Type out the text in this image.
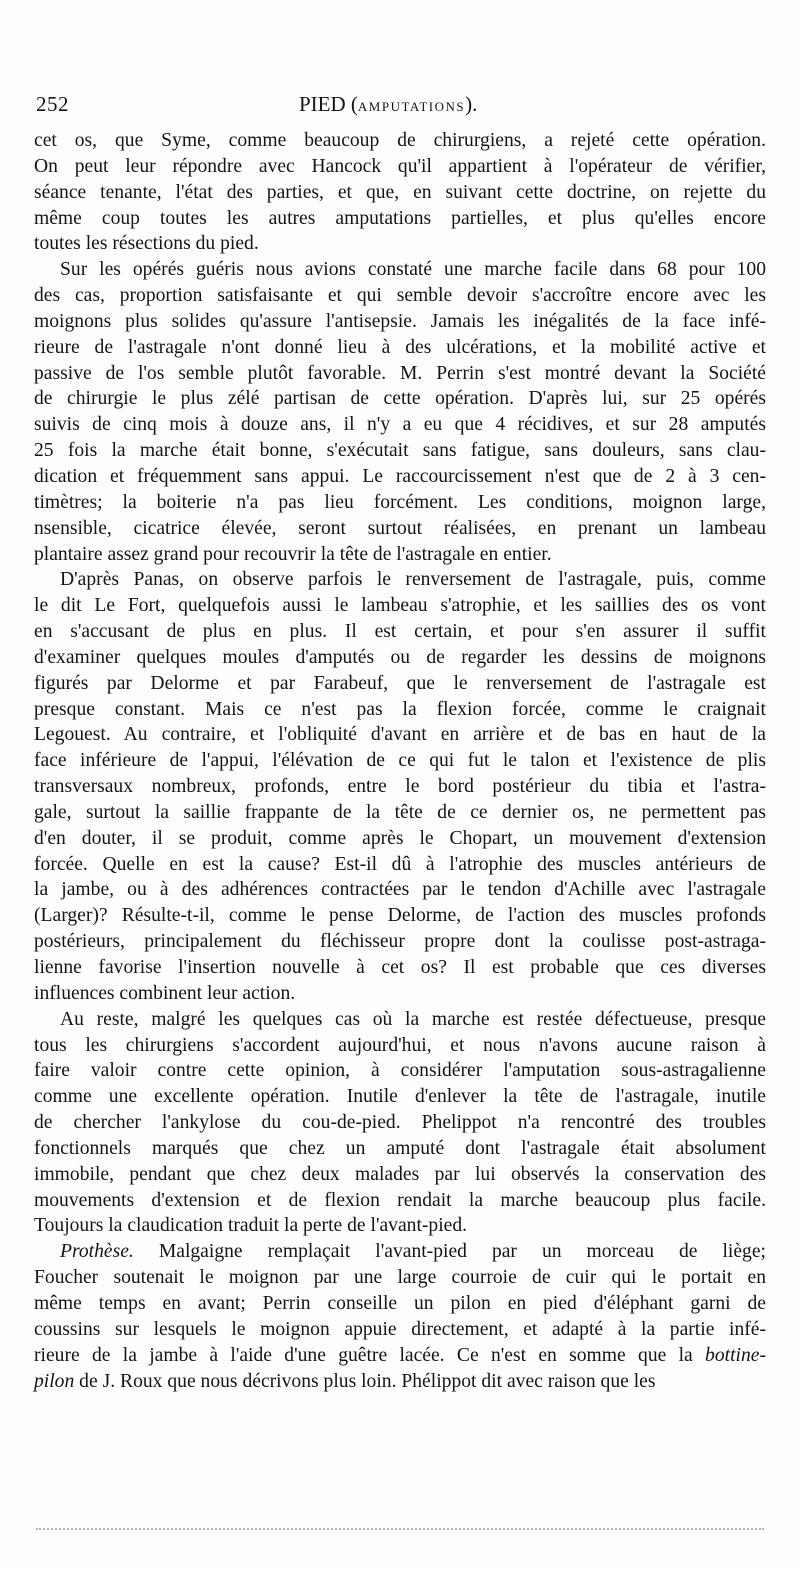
252	PIED (AMPUTATIONS).
cet os, que Syme, comme beaucoup de chirurgiens, a rejeté cette opération.
On peut leur répondre avec Hancock qu'il appartient à l'opérateur de vérifier,
séance tenante, l'état des parties, et que, en suivant cette doctrine, on rejette du
même coup toutes les autres amputations partielles, et plus qu'elles encore
toutes les résections du pied.
Sur les opérés guéris nous avions constaté une marche facile dans 68 pour 100
des cas, proportion satisfaisante et qui semble devoir s'accroître encore avec les
moignons plus solides qu'assure l'antisepsie. Jamais les inégalités de la face infé-
rieure de l'astragale n'ont donné lieu à des ulcérations, et la mobilité active et
passive de l'os semble plutôt favorable. M. Perrin s'est montré devant la Société
de chirurgie le plus zélé partisan de cette opération. D'après lui, sur 25 opérés
suivis de cinq mois à douze ans, il n'y a eu que 4 récidives, et sur 28 amputés
25 fois la marche était bonne, s'exécutait sans fatigue, sans douleurs, sans clau-
dication et fréquemment sans appui. Le raccourcissement n'est que de 2 à 3 cen-
timètres; la boiterie n'a pas lieu forcément. Les conditions, moignon large,
nsensible, cicatrice élevée, seront surtout réalisées, en prenant un lambeau
plantaire assez grand pour recouvrir la tête de l'astragale en entier.
D'après Panas, on observe parfois le renversement de l'astragale, puis, comme
le dit Le Fort, quelquefois aussi le lambeau s'atrophie, et les saillies des os vont
en s'accusant de plus en plus. Il est certain, et pour s'en assurer il suffit
d'examiner quelques moules d'amputés ou de regarder les dessins de moignons
figurés par Delorme et par Farabeuf, que le renversement de l'astragale est
presque constant. Mais ce n'est pas la flexion forcée, comme le craignait
Legouest. Au contraire, et l'obliquité d'avant en arrière et de bas en haut de la
face inférieure de l'appui, l'élévation de ce qui fut le talon et l'existence de plis
transversaux nombreux, profonds, entre le bord postérieur du tibia et l'astra-
gale, surtout la saillie frappante de la tête de ce dernier os, ne permettent pas
d'en douter, il se produit, comme après le Chopart, un mouvement d'extension
forcée. Quelle en est la cause? Est-il dû à l'atrophie des muscles antérieurs de
la jambe, ou à des adhérences contractées par le tendon d'Achille avec l'astragale
(Larger)? Résulte-t-il, comme le pense Delorme, de l'action des muscles profonds
postérieurs, principalement du fléchisseur propre dont la coulisse post-astraga-
lienne favorise l'insertion nouvelle à cet os? Il est probable que ces diverses
influences combinent leur action.
Au reste, malgré les quelques cas où la marche est restée défectueuse, presque
tous les chirurgiens s'accordent aujourd'hui, et nous n'avons aucune raison à
faire valoir contre cette opinion, à considérer l'amputation sous-astragalienne
comme une excellente opération. Inutile d'enlever la tête de l'astragale, inutile
de chercher l'ankylose du cou-de-pied. Phelippot n'a rencontré des troubles
fonctionnels marqués que chez un amputé dont l'astragale était absolument
immobile, pendant que chez deux malades par lui observés la conservation des
mouvements d'extension et de flexion rendait la marche beaucoup plus facile.
Toujours la claudication traduit la perte de l'avant-pied.
Prothèse. Malgaigne remplaçait l'avant-pied par un morceau de liège;
Foucher soutenait le moignon par une large courroie de cuir qui le portait en
même temps en avant; Perrin conseille un pilon en pied d'éléphant garni de
coussins sur lesquels le moignon appuie directement, et adapté à la partie infé-
rieure de la jambe à l'aide d'une guêtre lacée. Ce n'est en somme que la bottine-
pilon de J. Roux que nous décrivons plus loin. Phélippot dit avec raison que les
